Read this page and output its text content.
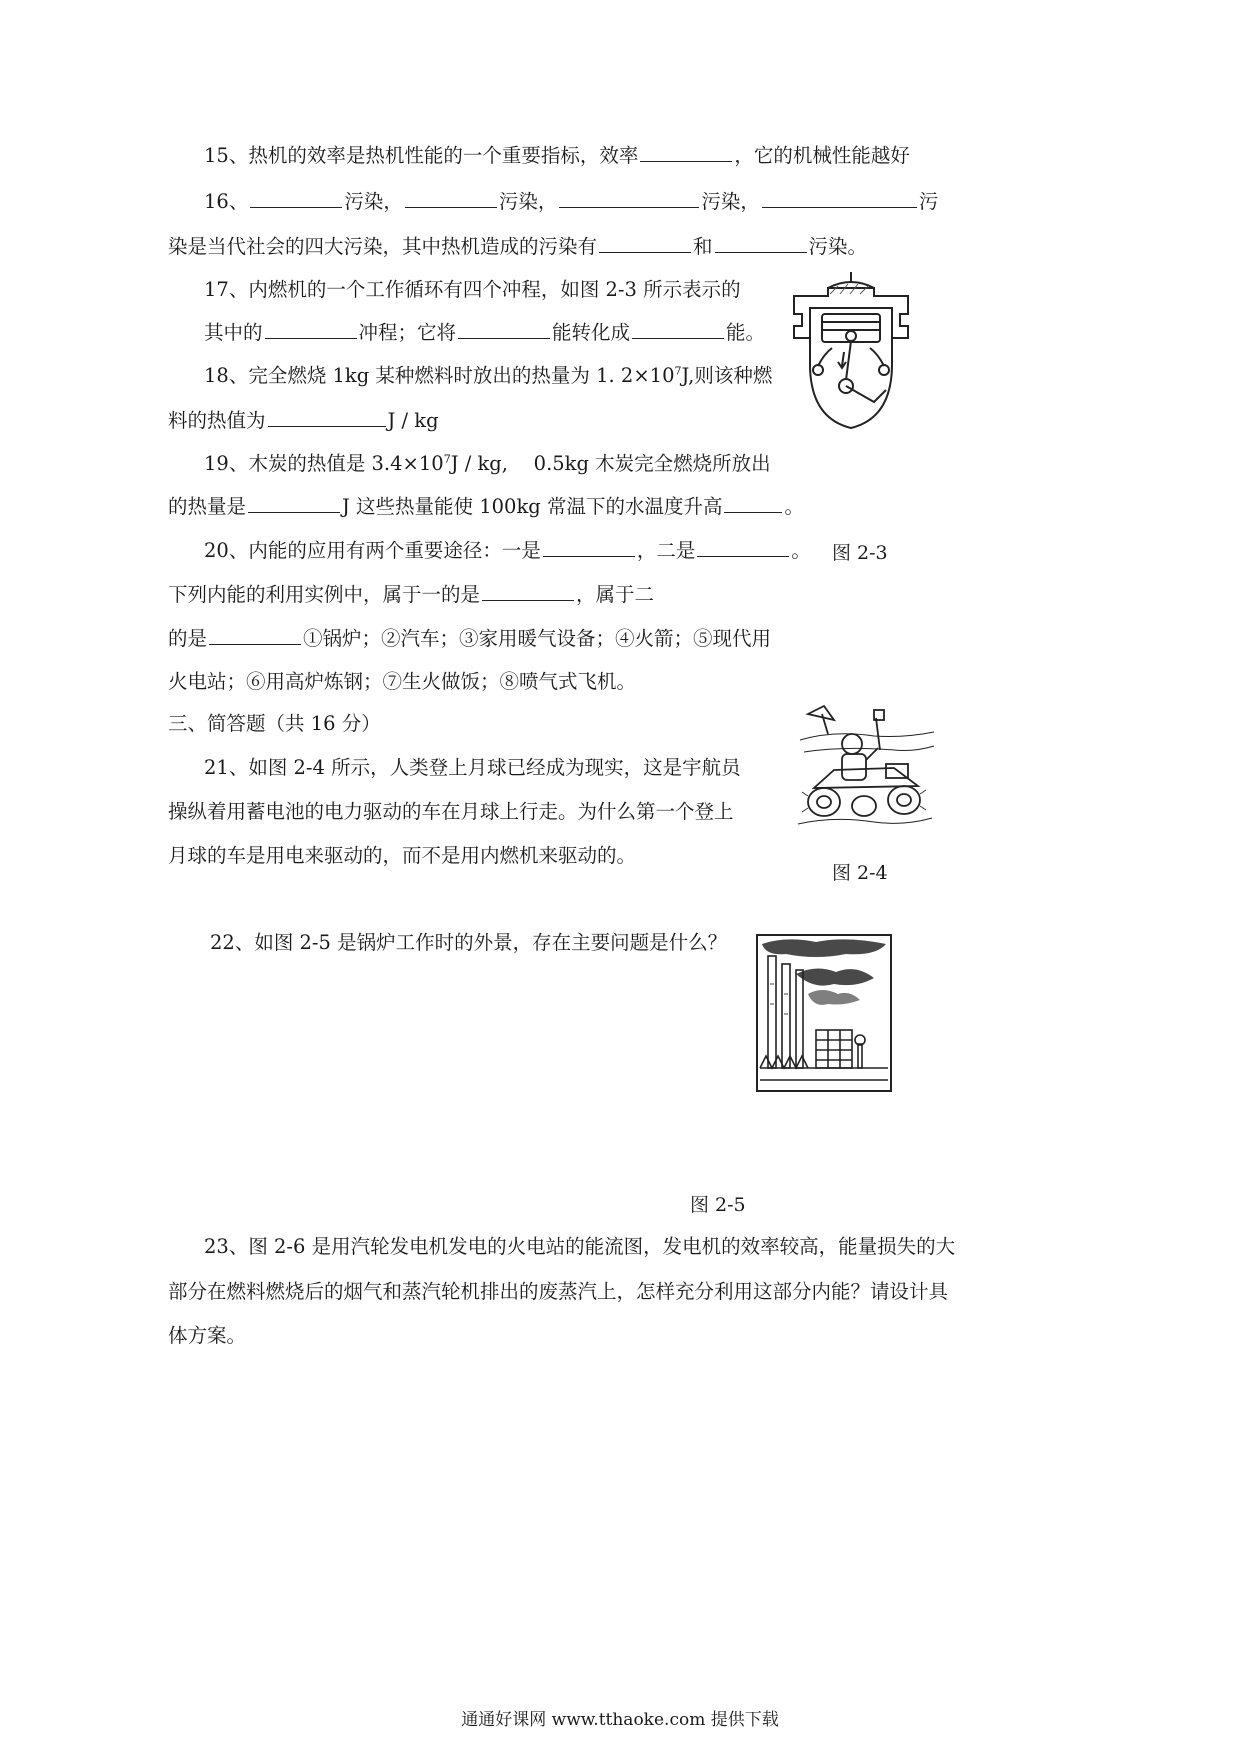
15、热机的效率是热机性能的一个重要指标，效率	，它的机械性能越好
16、	污染，	污染，	污染，	污
染是当代社会的四大污染，其中热机造成的污染有	和	污染。
17、内燃机的一个工作循环有四个冲程，如图 2-3 所示表示的
其中的	冲程；它将	能转化成	能。
18、完全燃烧 1kg 某种燃料时放出的热量为 1. $2\times 10^7J$,则该种燃
料的热值为	J / kg
19、木炭的热值是 $3.4\times 10^7J$ / kg,　 0.5kg 木炭完全燃烧所放出
的热量是	J 这些热量能使 100kg 常温下的水温度升高	。
20、内能的应用有两个重要途径：一是	，二是	。
下列内能的利用实例中，属于一的是	，属于二
的是	①锅炉；②汽车；③家用暖气设备；④火箭；⑤现代用
火电站；⑥用高炉炼钢；⑦生火做饭；⑧喷气式飞机。
三、简答题（共 16 分）
21、如图 2-4 所示，人类登上月球已经成为现实，这是宇航员
操纵着用蓄电池的电力驱动的车在月球上行走。为什么第一个登上
月球的车是用电来驱动的，而不是用内燃机来驱动的。
22、如图 2-5 是锅炉工作时的外景，存在主要问题是什么？
23、图 2-6 是用汽轮发电机发电的火电站的能流图，发电机的效率较高，能量损失的大
部分在燃料燃烧后的烟气和蒸汽轮机排出的废蒸汽上，怎样充分利用这部分内能？请设计具
体方案。
图 2-3
图 2-4
图 2-5
通通好课网 www.tthaoke.com 提供下载
